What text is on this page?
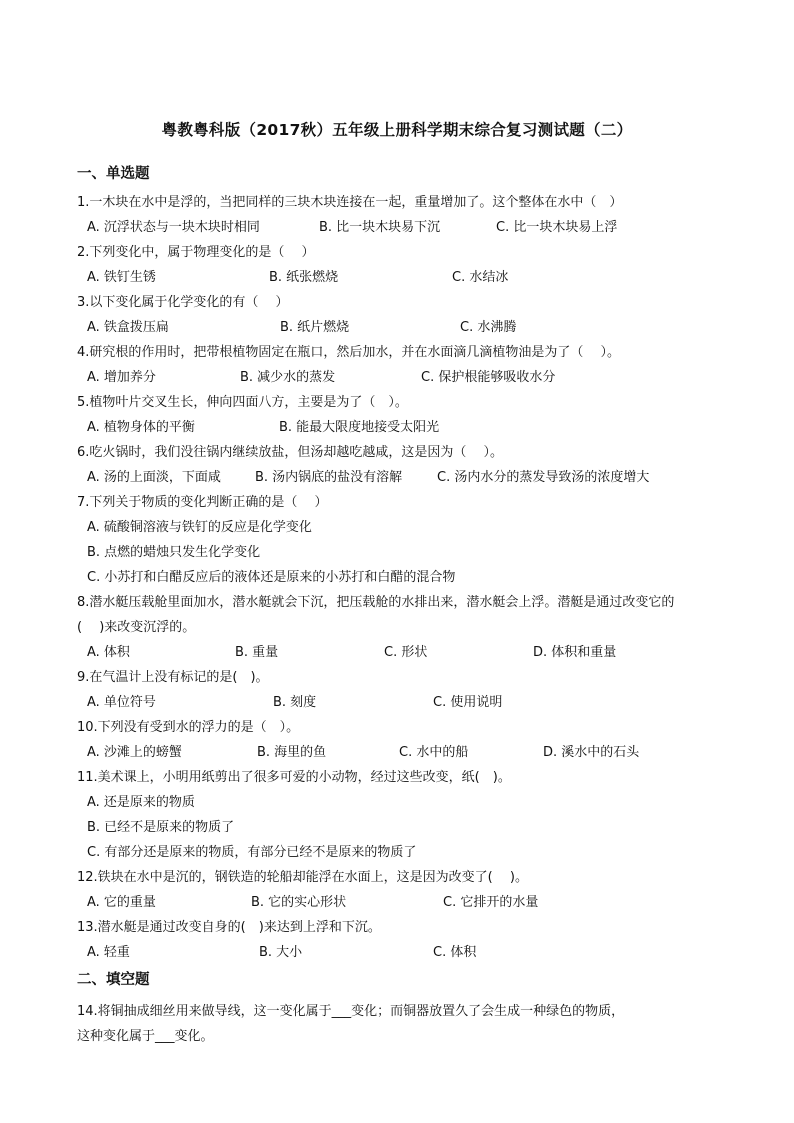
粤教粤科版（2017秋）五年级上册科学期末综合复习测试题（二）
一、单选题
1.一木块在水中是浮的，当把同样的三块木块连接在一起，重量增加了。这个整体在水中（　）
A. 沉浮状态与一块木块时相同	B. 比一块木块易下沉	C. 比一块木块易上浮
2.下列变化中，属于物理变化的是（　 ）
A. 铁钉生锈	B. 纸张燃烧	C. 水结冰
3.以下变化属于化学变化的有（　 ）
A. 铁盒拨压扁	B. 纸片燃烧	C. 水沸腾
4.研究根的作用时，把带根植物固定在瓶口，然后加水，并在水面滴几滴植物油是为了（　 ）。
A. 增加养分	B. 减少水的蒸发	C. 保护根能够吸收水分
5.植物叶片交叉生长，伸向四面八方，主要是为了（　）。
A. 植物身体的平衡	B. 能最大限度地接受太阳光
6.吃火锅时，我们没往锅内继续放盐，但汤却越吃越咸，这是因为（　 ）。
A. 汤的上面淡，下面咸	B. 汤内锅底的盐没有溶解	C. 汤内水分的蒸发导致汤的浓度增大
7.下列关于物质的变化判断正确的是（　 ）
A. 硫酸铜溶液与铁钉的反应是化学变化
B. 点燃的蜡烛只发生化学变化
C. 小苏打和白醋反应后的液体还是原来的小苏打和白醋的混合物
8.潜水艇压载舱里面加水，潜水艇就会下沉，把压载舱的水排出来，潜水艇会上浮。潜艇是通过改变它的
(　 )来改变沉浮的。
A. 体积	B. 重量	C. 形状	D. 体积和重量
9.在气温计上没有标记的是(　)。
A. 单位符号	B. 刻度	C. 使用说明
10.下列没有受到水的浮力的是（　）。
A. 沙滩上的螃蟹	B. 海里的鱼	C. 水中的船	D. 溪水中的石头
11.美术课上，小明用纸剪出了很多可爱的小动物，经过这些改变，纸(　)。
A. 还是原来的物质
B. 已经不是原来的物质了
C. 有部分还是原来的物质，有部分已经不是原来的物质了
12.铁块在水中是沉的，钢铁造的轮船却能浮在水面上，这是因为改变了(　 )。
A. 它的重量	B. 它的实心形状	C. 它排开的水量
13.潜水艇是通过改变自身的(　)来达到上浮和下沉。
A. 轻重	B. 大小	C. 体积
二、填空题
14.将铜抽成细丝用来做导线，这一变化属于___变化；而铜器放置久了会生成一种绿色的物质，
这种变化属于___变化。
